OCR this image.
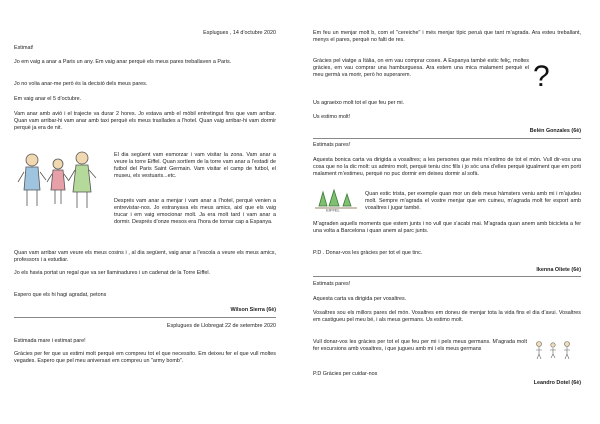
Esplugues , 14 d’octubre 2020

Estimat!

Jo em vaig a anar a Paris un any. Em vaig anar perquè els meus pares treballaven a Paris.

Jo no volia anar-me però és la decisió dels meus pares.

Em vaig anar el 5 d’octubre.

Vam anar amb avió i el trajecte va durar 2 hores. Jo estava amb el mòbil entretingut fins que vam arribar. Quan vam arribar-hi vam anar amb taxi perquè els meus trasllades a l’hotel. Quan vaig arribar-hi vam dormir perquè ja era de nit.

El dia següent vam esmorzar i vam visitar la zona. Vam anar a veure la torre Eiffel. Quan sortíem de la torre vam anar a l’estadi de futbol del Paris Saint Germain. Vam visitar el camp de futbol, el museu, els vestuaris...etc.

Després vam anar a menjar i vam anar a l’hotel, perquè venien a entrevistar-nos. Jo estranyava els meus amics, així que els vaig trucar i em vaig emocionar molt. Ja era molt tard i vam anar a dormir. Després d’onze mesos era l’hora de tornar cap a Espanya.

Quan vam arribar vam veure els meus cosins i , al dia següent, vaig anar a l’escola a veure els meus amics, professors i a estudiar.

Jo els havia portat un regal que va ser llaminadures i un cadenat de la Torre Eiffel.

Espero que els hi hagi agradat, petons

Wilson Sierra (6è)

Esplugues de Llobregat 22 de setembre 2020

Estimada mare i estimat pare!

Gràcies per fer que us estimi molt perquè em compreu tot el que necessito. Em deixeu fer el que vull moltes vegades. Espero que pel meu aniversari em compreu un "army bomb".

Em feu un menjar molt b, com el "cereiche" i més menjar típic peruà que tant m’agrada. Ara esteu treballant, menys el pares, perquè no falti de res.

Gràcies pel viatge a Itàlia, on em vau comprar coses. A Espanya també estic feliç, moltes gràcies, em vau comprar una hamburguesa. Ara estem una mica malament perquè el meu germà va morir, però ho superarem.	?

Us agraeixo molt tot el que feu per mi.

Us estimo molt!

Belén Gonzales (6è)

Estimats pares!

Aquesta bonica carta va dirigida a vosaltres; a les persones que més m’estimo de tot el món. Vull dir-vos una cosa que no la dic molt: us admiro molt, perquè teniu cinc fills i jo sóc una d’elles perquè igualment que em porti malament m’estimeu, perquè no puc dormir em deixeu dormir al sofà.

EIFFEL

Quan estic trista, per exemple quan mor un dels meus hàmsters veniu amb mi i m’ajudeu molt. Sempre m’agrada el vostre menjar que em cuineu, m’agrada molt fer esport amb vosaltres i jugar també.

M’agraden aquells moments que estem junts i no vull que s’acabi mai. M’agrada quan anem amb bicicleta a fer una volta a Barcelona i quan anem al parc junts.

P.D . Donar-vos les gràcies per tot el que tinc.

Ikenna Oliete (6è)

Estimats pares!

Aquesta carta va dirigida per vosaltres.

Vosaltres sou els millors pares del món. Vosaltres em doneu de menjar tota la vida fins el dia d’avui. Vosaltres em castigueu pel meu bé, i als meus germans. Us estimo molt.

Vull donar-vos les gràcies per tot el que feu per mi i pels meus germans. M’agrada molt fer excursions amb vosaltres, i que jugueu amb mi i els meus germans

P.D Gràcies per cuidar-nos

Leandro Dotel (6è)
